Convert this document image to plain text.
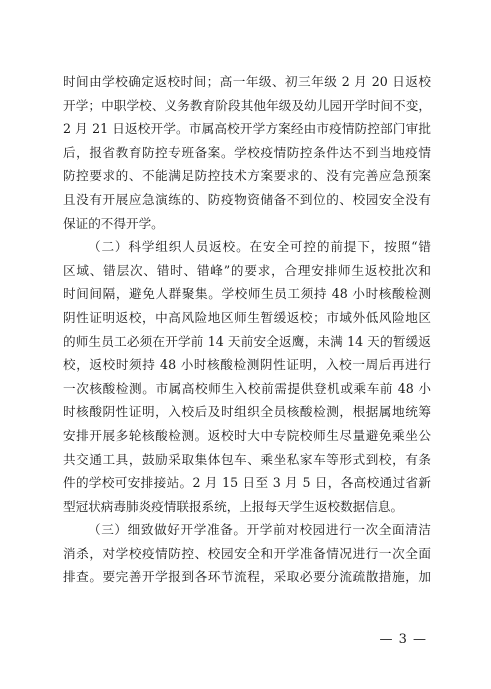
时间由学校确定返校时间；高一年级、初三年级 2 月 20 日返校
开学；中职学校、义务教育阶段其他年级及幼儿园开学时间不变，
2 月 21 日返校开学。市属高校开学方案经由市疫情防控部门审批
后，报省教育防控专班备案。学校疫情防控条件达不到当地疫情
防控要求的、不能满足防控技术方案要求的、没有完善应急预案
且没有开展应急演练的、防疫物资储备不到位的、校园安全没有
保证的不得开学。
（二）科学组织人员返校。在安全可控的前提下，按照“错
区域、错层次、错时、错峰”的要求，合理安排师生返校批次和
时间间隔，避免人群聚集。学校师生员工须持 48 小时核酸检测
阴性证明返校，中高风险地区师生暂缓返校；市域外低风险地区
的师生员工必须在开学前 14 天前安全返鹰，未满 14 天的暂缓返
校，返校时须持 48 小时核酸检测阴性证明，入校一周后再进行
一次核酸检测。市属高校师生入校前需提供登机或乘车前 48 小
时核酸阴性证明，入校后及时组织全员核酸检测，根据属地统筹
安排开展多轮核酸检测。返校时大中专院校师生尽量避免乘坐公
共交通工具，鼓励采取集体包车、乘坐私家车等形式到校，有条
件的学校可安排接站。2 月 15 日至 3 月 5 日，各高校通过省新
型冠状病毒肺炎疫情联报系统，上报每天学生返校数据信息。
（三）细致做好开学准备。开学前对校园进行一次全面清洁
消杀，对学校疫情防控、校园安全和开学准备情况进行一次全面
排查。要完善开学报到各环节流程，采取必要分流疏散措施，加
— 3 —
